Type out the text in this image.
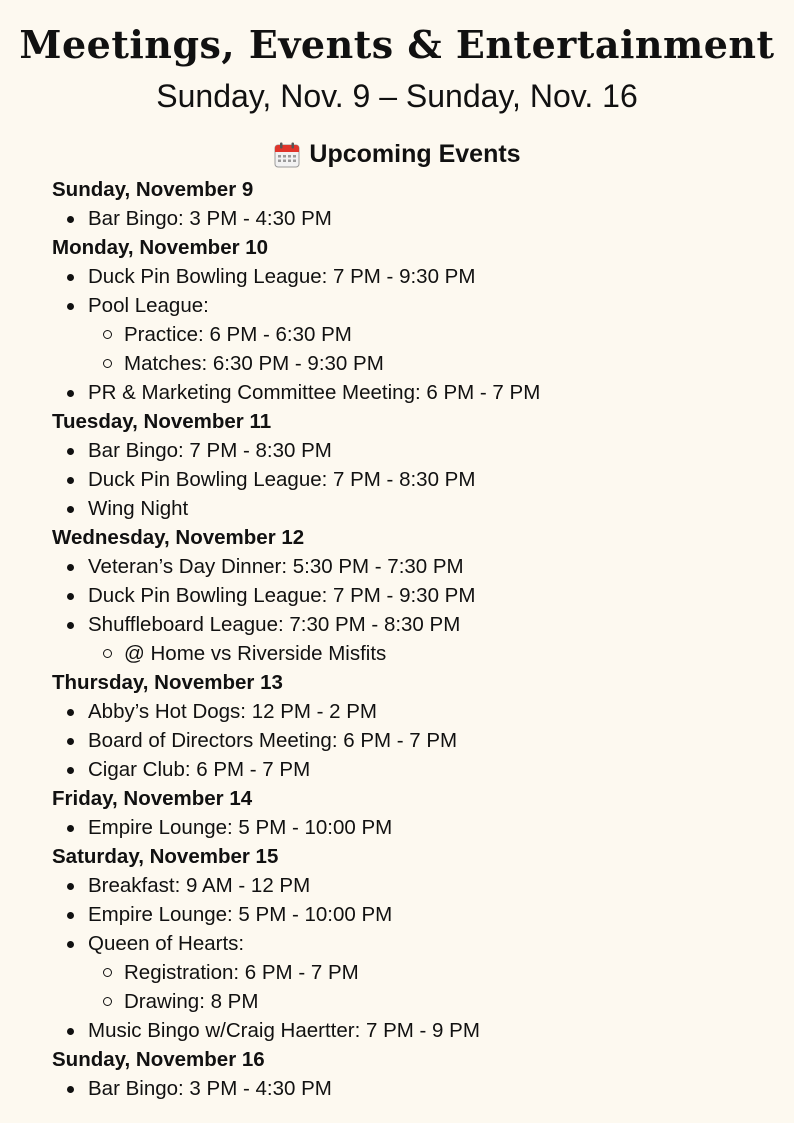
Meetings, Events & Entertainment
Sunday, Nov. 9 – Sunday, Nov. 16
Upcoming Events
Sunday, November 9
Bar Bingo: 3 PM - 4:30 PM
Monday, November 10
Duck Pin Bowling League: 7 PM - 9:30 PM
Pool League:
Practice: 6 PM - 6:30 PM
Matches: 6:30 PM - 9:30 PM
PR & Marketing Committee Meeting: 6 PM - 7 PM
Tuesday, November 11
Bar Bingo: 7 PM - 8:30 PM
Duck Pin Bowling League: 7 PM - 8:30 PM
Wing Night
Wednesday, November 12
Veteran’s Day Dinner: 5:30 PM - 7:30 PM
Duck Pin Bowling League: 7 PM - 9:30 PM
Shuffleboard League: 7:30 PM - 8:30 PM
@ Home vs Riverside Misfits
Thursday, November 13
Abby’s Hot Dogs: 12 PM - 2 PM
Board of Directors Meeting: 6 PM - 7 PM
Cigar Club: 6 PM - 7 PM
Friday, November 14
Empire Lounge: 5 PM - 10:00 PM
Saturday, November 15
Breakfast: 9 AM - 12 PM
Empire Lounge: 5 PM - 10:00 PM
Queen of Hearts:
Registration: 6 PM - 7 PM
Drawing: 8 PM
Music Bingo w/Craig Haertter: 7 PM - 9 PM
Sunday, November 16
Bar Bingo: 3 PM - 4:30 PM
